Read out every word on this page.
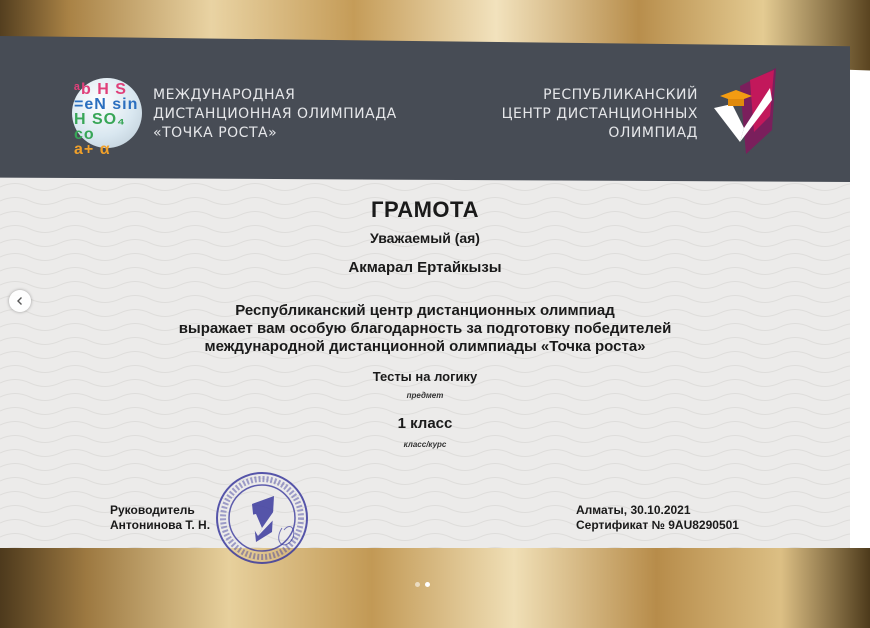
ᵃb H S
=eN sin
H SO₄ co
a+ α
МЕЖДУНАРОДНАЯ
ДИСТАНЦИОННАЯ ОЛИМПИАДА
«ТОЧКА РОСТА»
РЕСПУБЛИКАНСКИЙ
ЦЕНТР ДИСТАНЦИОННЫХ
ОЛИМПИАД
ГРАМОТА
Уважаемый (ая)
Акмарал Ертайкызы
Республиканский центр дистанционных олимпиад
выражает вам особую благодарность за подготовку победителей
международной дистанционной олимпиады «Точка роста»
Тесты на логику
предмет
1 класс
класс/курс
Руководитель
Антонинова Т. Н.
Алматы, 30.10.2021
Сертификат № 9AU8290501
